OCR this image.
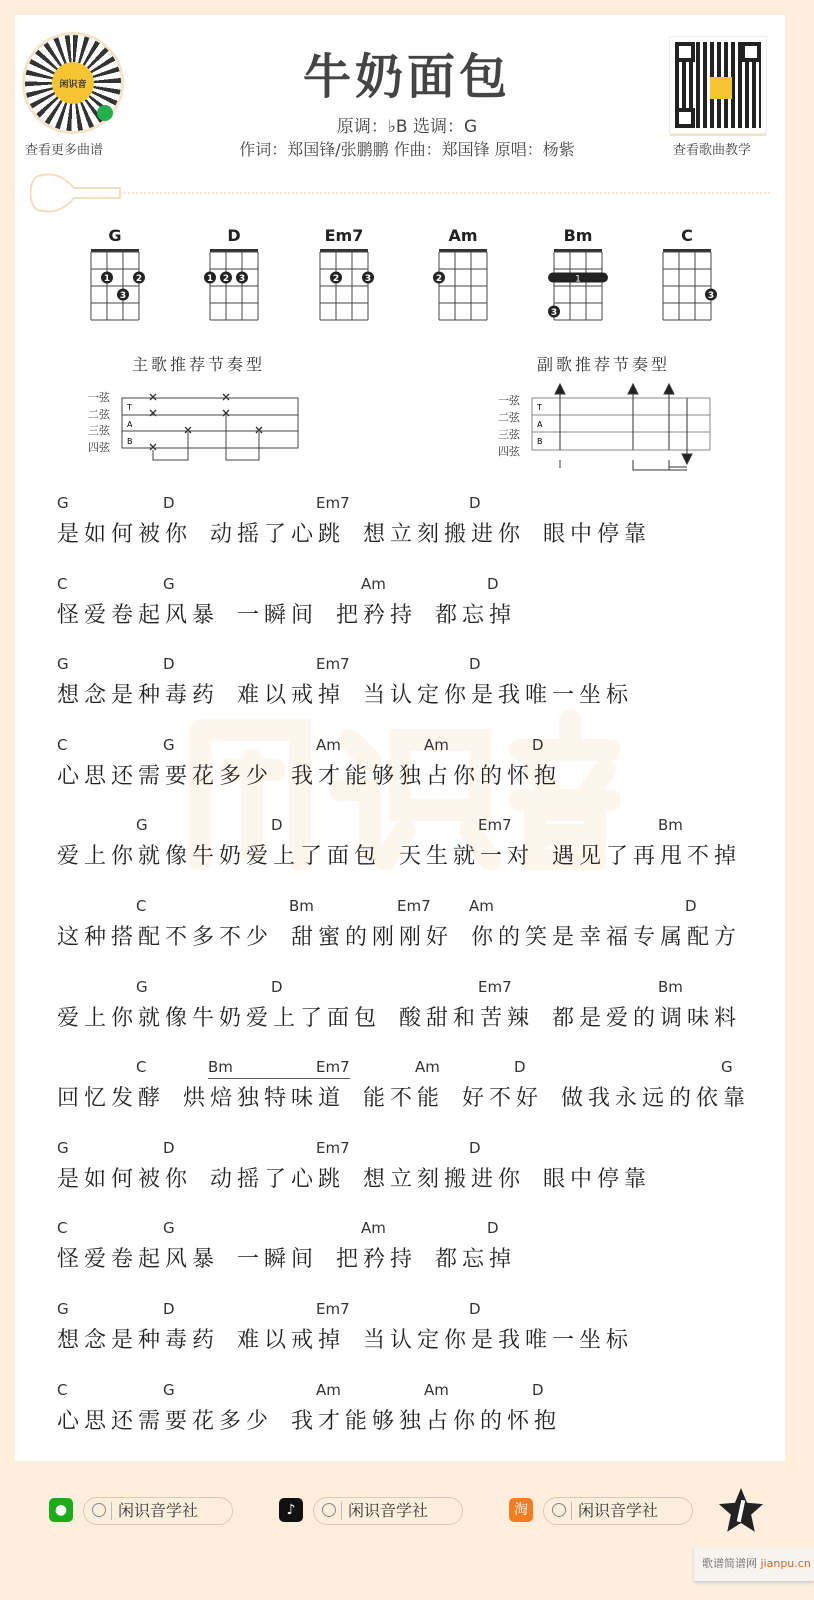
闲识音
查看更多曲谱	查看歌曲教学
牛奶面包
原调：♭B 选调：G
作词：郑国锋/张鹏鹏 作曲：郑国锋 原唱：杨紫
G
1	2
3
D
1 2 3
Em7
2	3
Am
2
Bm
1
3
C
3
主歌推荐节奏型	副歌推荐节奏型
一弦
二弦
三弦
四弦
T
A
B
一弦
二弦
三弦
四弦
T
A
B
是如何被你 动摇了心跳 想立刻搬进你 眼中停靠
G	D	Em7	D
怪爱卷起风暴 一瞬间 把矜持 都忘掉
C	G	Am	D
想念是种毒药 难以戒掉 当认定你是我唯一坐标
G	D	Em7	D
心思还需要花多少 我才能够独占你的怀抱
C	G	Am	Am	D
爱上你就像牛奶爱上了面包 天生就一对 遇见了再甩不掉
G	D	Em7	Bm
这种搭配不多不少 甜蜜的刚刚好 你的笑是幸福专属配方
C	Bm	Em7	Am	D
爱上你就像牛奶爱上了面包 酸甜和苦辣 都是爱的调味料
G	D	Em7	Bm
回忆发酵 烘焙独特味道 能不能 好不好 做我永远的依靠
C	Bm	Em7	Am	D	G
是如何被你 动摇了心跳 想立刻搬进你 眼中停靠
G	D	Em7	D
怪爱卷起风暴 一瞬间 把矜持 都忘掉
C	G	Am	D
想念是种毒药 难以戒掉 当认定你是我唯一坐标
G	D	Em7	D
心思还需要花多少 我才能够独占你的怀抱
C	G	Am	Am	D
●	闲识音学社	♪	闲识音学社	淘	闲识音学社
歌谱简谱网 jianpu.cn
